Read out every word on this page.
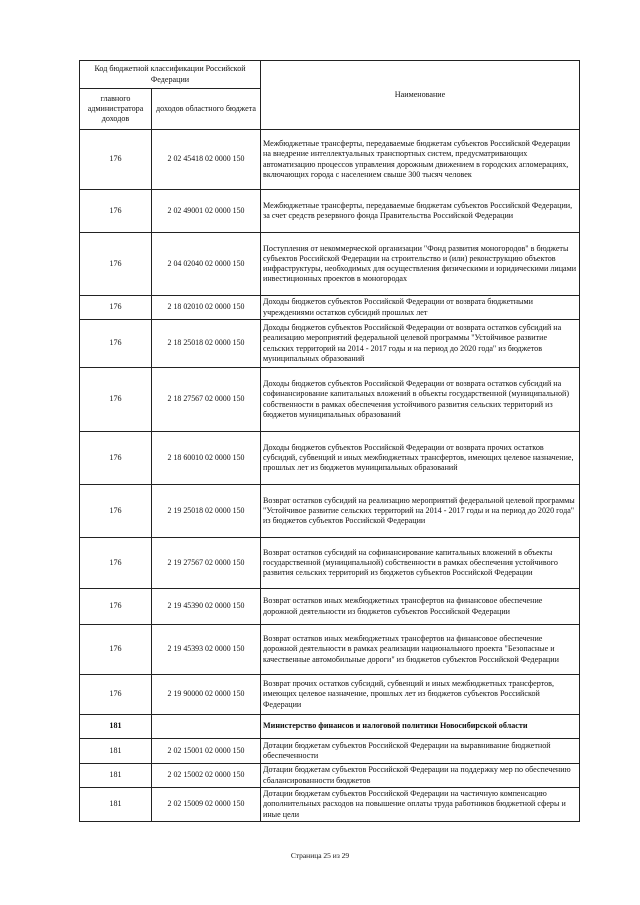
Код бюджетной классификации Российской Федерации		Наименование
главного администратора доходов	доходов областного бюджета	
176	2 02 45418 02 0000 150	Межбюджетные трансферты, передаваемые бюджетам субъектов Российской Федерации на внедрение интеллектуальных транспортных систем, предусматривающих автоматизацию процессов управления дорожным движением в городских агломерациях, включающих города с населением свыше 300 тысяч человек
176	2 02 49001 02 0000 150	Межбюджетные трансферты, передаваемые бюджетам субъектов Российской Федерации, за счет средств резервного фонда Правительства Российской Федерации
176	2 04 02040 02 0000 150	Поступления от некоммерческой организации "Фонд развития моногородов" в бюджеты субъектов Российской Федерации на строительство и (или) реконструкцию объектов инфраструктуры, необходимых для осуществления физическими и юридическими лицами инвестиционных проектов в моногородах
176	2 18 02010 02 0000 150	Доходы бюджетов субъектов Российской Федерации от возврата бюджетными учреждениями остатков субсидий прошлых лет
176	2 18 25018 02 0000 150	Доходы бюджетов субъектов Российской Федерации от возврата остатков субсидий на реализацию мероприятий федеральной целевой программы "Устойчивое развитие сельских территорий на 2014 - 2017 годы и на период до 2020 года" из бюджетов муниципальных образований
176	2 18 27567 02 0000 150	Доходы бюджетов субъектов Российской Федерации от возврата остатков субсидий на софинансирование капитальных вложений в объекты государственной (муниципальной) собственности в рамках обеспечения устойчивого развития сельских территорий из бюджетов муниципальных образований
176	2 18 60010 02 0000 150	Доходы бюджетов субъектов Российской Федерации от возврата прочих остатков субсидий, субвенций и иных межбюджетных трансфертов, имеющих целевое назначение, прошлых лет из бюджетов муниципальных образований
176	2 19 25018 02 0000 150	Возврат остатков субсидий на реализацию мероприятий федеральной целевой программы "Устойчивое развитие сельских территорий на 2014 - 2017 годы и на период до 2020 года" из бюджетов субъектов Российской Федерации
176	2 19 27567 02 0000 150	Возврат остатков субсидий на софинансирование капитальных вложений в объекты государственной (муниципальной) собственности в рамках обеспечения устойчивого развития сельских территорий из бюджетов субъектов Российской Федерации
176	2 19 45390 02 0000 150	Возврат остатков иных межбюджетных трансфертов на финансовое обеспечение дорожной деятельности из бюджетов субъектов Российской Федерации
176	2 19 45393 02 0000 150	Возврат остатков иных межбюджетных трансфертов на финансовое обеспечение дорожной деятельности в рамках реализации национального проекта "Безопасные и качественные автомобильные дороги" из бюджетов субъектов Российской Федерации
176	2 19 90000 02 0000 150	Возврат прочих остатков субсидий, субвенций и иных межбюджетных трансфертов, имеющих целевое назначение, прошлых лет из бюджетов субъектов Российской Федерации
181		Министерство финансов и налоговой политики Новосибирской области
181	2 02 15001 02 0000 150	Дотации бюджетам субъектов Российской Федерации на выравнивание бюджетной обеспеченности
181	2 02 15002 02 0000 150	Дотации бюджетам субъектов Российской Федерации на поддержку мер по обеспечению сбалансированности бюджетов
181	2 02 15009 02 0000 150	Дотации бюджетам субъектов Российской Федерации на частичную компенсацию дополнительных расходов на повышение оплаты труда работников бюджетной сферы и иные цели
Страница 25 из 29
